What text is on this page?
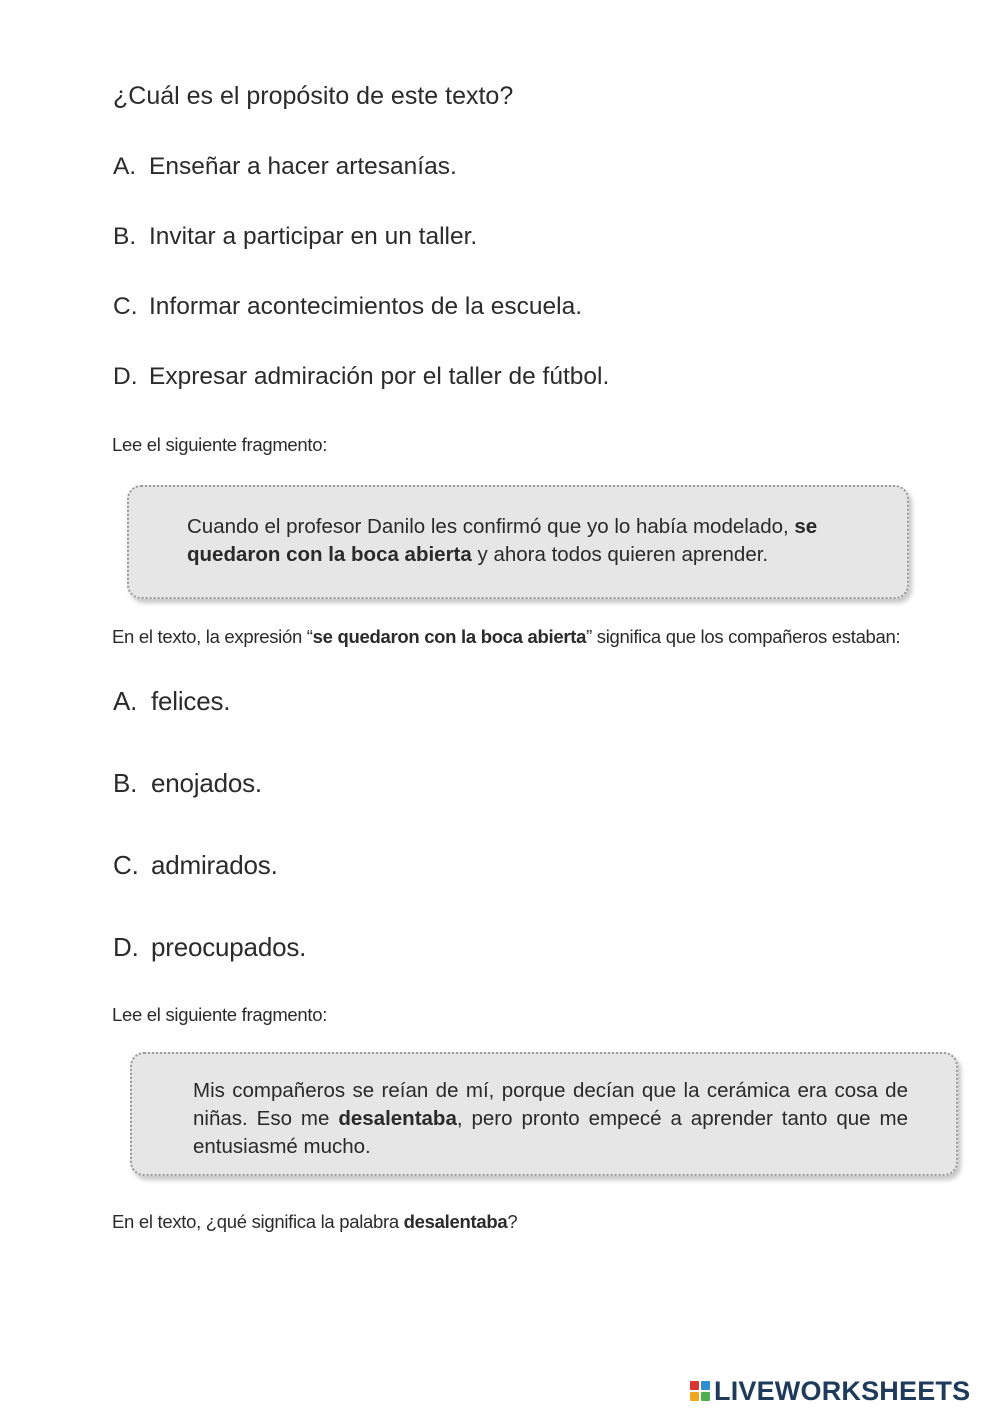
¿Cuál es el propósito de este texto?

A. Enseñar a hacer artesanías.

B. Invitar a participar en un taller.

C. Informar acontecimientos de la escuela.

D. Expresar admiración por el taller de fútbol.

Lee el siguiente fragmento:

Cuando el profesor Danilo les confirmó que yo lo había modelado, se quedaron con la boca abierta y ahora todos quieren aprender.

En el texto, la expresión “se quedaron con la boca abierta” significa que los compañeros estaban:

A. felices.

B. enojados.

C. admirados.

D. preocupados.

Lee el siguiente fragmento:

Mis compañeros se reían de mí, porque decían que la cerámica era cosa de niñas. Eso me desalentaba, pero pronto empecé a aprender tanto que me entusiasmé mucho.

En el texto, ¿qué significa la palabra desalentaba?

LIVEWORKSHEETS
